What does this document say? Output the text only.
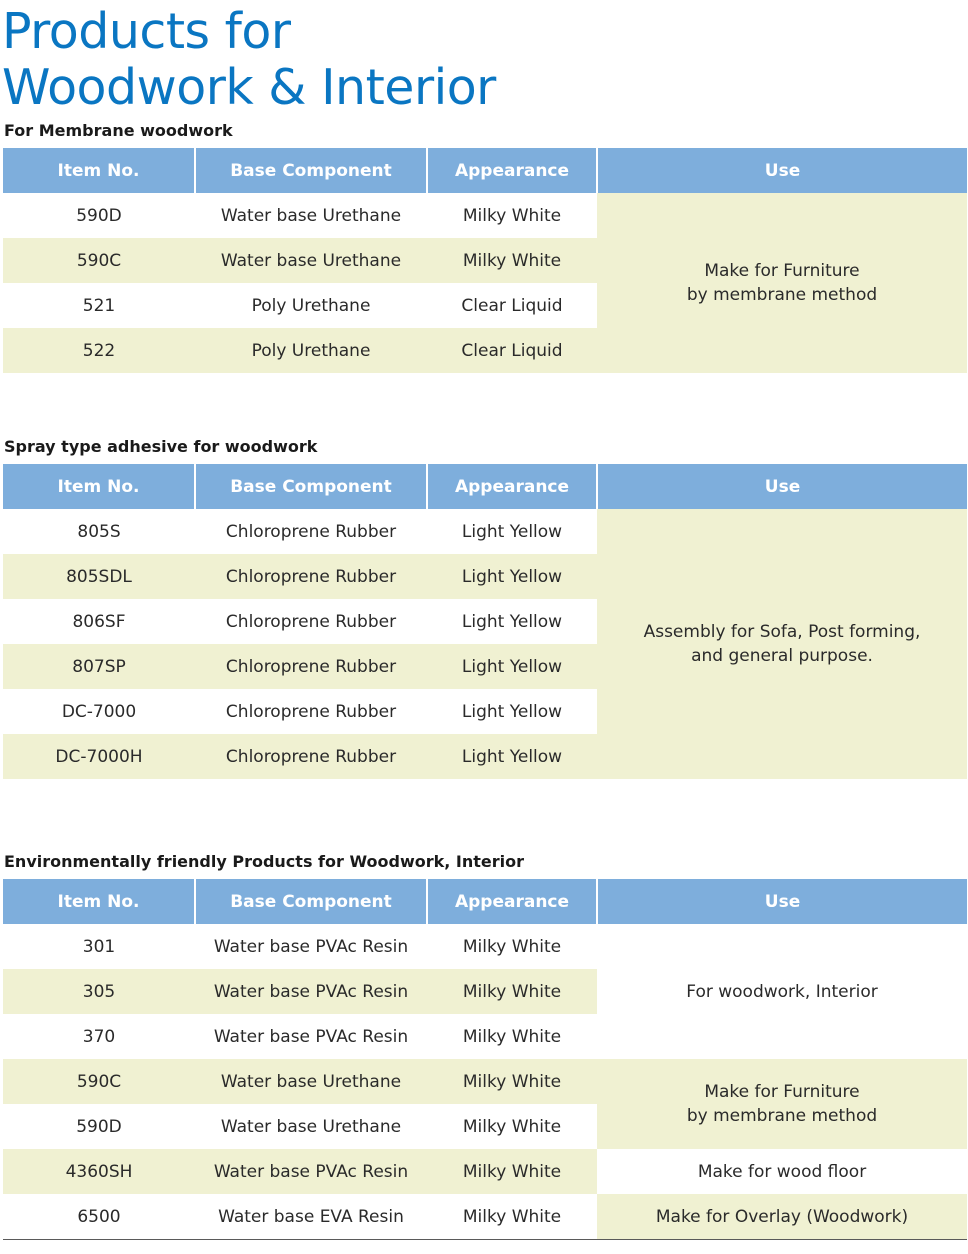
Products for
Woodwork & Interior
For Membrane woodwork
Item No.	Base Component	Appearance	Use
590D	Water base Urethane	Milky White	Make for Furniture
by membrane method

590C	Water base Urethane	Milky White	
521	Poly Urethane	Clear Liquid	
522	Poly Urethane	Clear Liquid	
Spray type adhesive for woodwork
Item No.	Base Component	Appearance	Use
805S	Chloroprene Rubber	Light Yellow	Assembly for Sofa, Post forming,
and general purpose.

805SDL	Chloroprene Rubber	Light Yellow	
806SF	Chloroprene Rubber	Light Yellow	
807SP	Chloroprene Rubber	Light Yellow	
DC-7000	Chloroprene Rubber	Light Yellow	
DC-7000H	Chloroprene Rubber	Light Yellow	
Environmentally friendly Products for Woodwork, Interior
Item No.	Base Component	Appearance	Use
301	Water base PVAc Resin	Milky White	For woodwork, Interior

305	Water base PVAc Resin	Milky White	
370	Water base PVAc Resin	Milky White	
590C	Water base Urethane	Milky White	Make for Furniture
by membrane method

590D	Water base Urethane	Milky White	
4360SH	Water base PVAc Resin	Milky White	Make for wood floor

6500	Water base EVA Resin	Milky White	Make for Overlay (Woodwork)
